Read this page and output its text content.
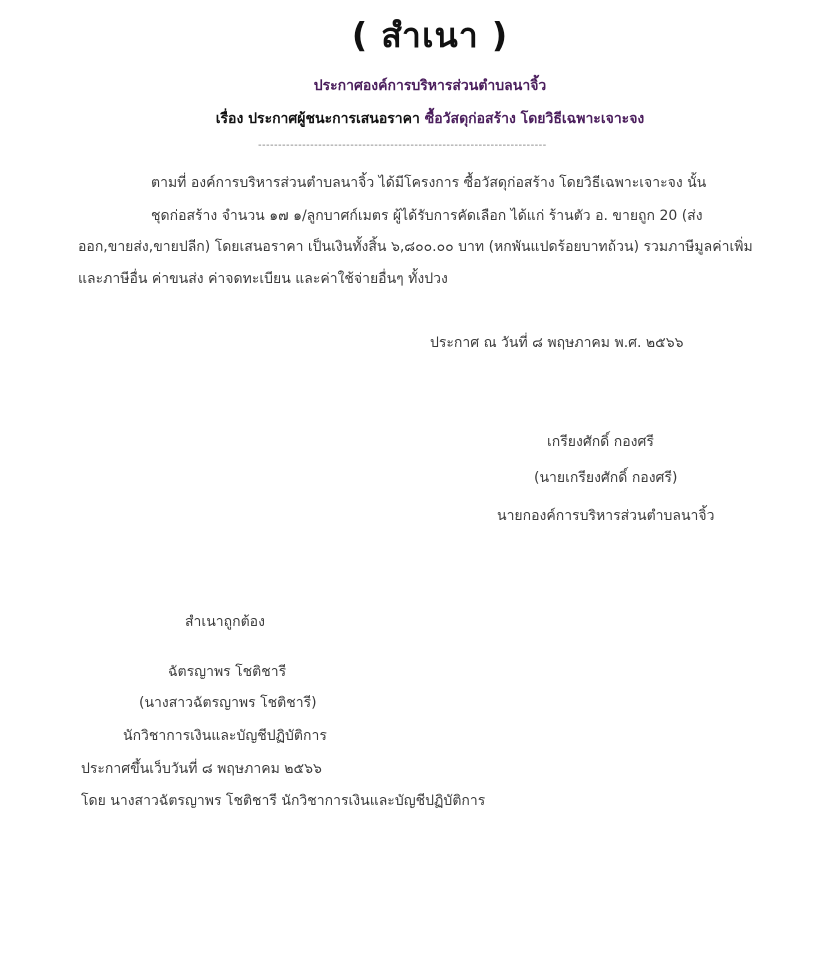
( สำเนา )
ประกาศองค์การบริหารส่วนตำบลนาจิ้ว
เรื่อง ประกาศผู้ชนะการเสนอราคา ซื้อวัสดุก่อสร้าง โดยวิธีเฉพาะเจาะจง
------------------------------------------------------------------------
ตามที่ องค์การบริหารส่วนตำบลนาจิ้ว ได้มีโครงการ ซื้อวัสดุก่อสร้าง โดยวิธีเฉพาะเจาะจง นั้น
ชุดก่อสร้าง จำนวน ๑๗ ๑/ลูกบาศก์เมตร ผู้ได้รับการคัดเลือก ได้แก่ ร้านตัว อ. ขายถูก 20 (ส่ง
ออก,ขายส่ง,ขายปลีก) โดยเสนอราคา เป็นเงินทั้งสิ้น ๖,๘๐๐.๐๐ บาท (หกพันแปดร้อยบาทถ้วน) รวมภาษีมูลค่าเพิ่ม
และภาษีอื่น ค่าขนส่ง ค่าจดทะเบียน และค่าใช้จ่ายอื่นๆ ทั้งปวง
ประกาศ ณ วันที่ ๘ พฤษภาคม พ.ศ. ๒๕๖๖
เกรียงศักดิ์ กองศรี
(นายเกรียงศักดิ์ กองศรี)
นายกองค์การบริหารส่วนตำบลนาจิ้ว
สำเนาถูกต้อง
ฉัตรญาพร โชติชารี
(นางสาวฉัตรญาพร โชติชารี)
นักวิชาการเงินและบัญชีปฏิบัติการ
ประกาศขึ้นเว็บวันที่ ๘ พฤษภาคม ๒๕๖๖
โดย นางสาวฉัตรญาพร โชติชารี นักวิชาการเงินและบัญชีปฏิบัติการ
